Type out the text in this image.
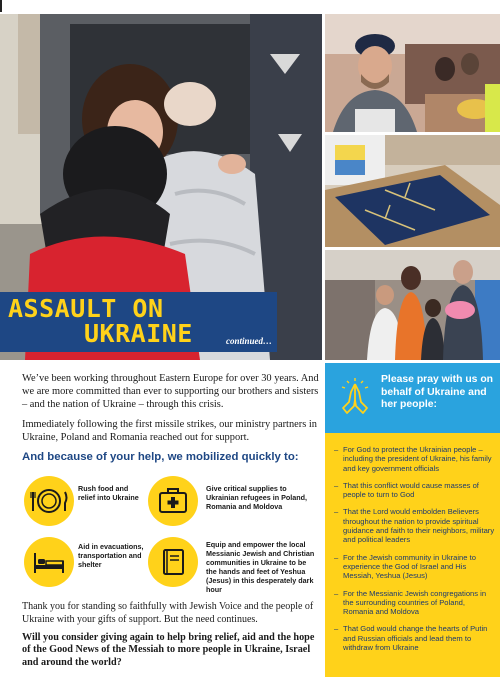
ASSAULT ON
UKRAINE	continued…

We’ve been working throughout Eastern Europe for over 30 years. And we are more committed than ever to supporting our brothers and sisters – and the nation of Ukraine – through this crisis.

Immediately following the first missile strikes, our ministry partners in Ukraine, Poland and Romania reached out for support.

And because of your help, we mobilized quickly to:
Rush food and relief into Ukraine
Give critical supplies to Ukrainian refugees in Poland, Romania and Moldova
Aid in evacuations, transportation and shelter
Equip and empower the local Messianic Jewish and Christian communities in Ukraine to be the hands and feet of Yeshua (Jesus) in this desperately dark hour

Thank you for standing so faithfully with Jewish Voice and the people of Ukraine with your gifts of support. But the need continues.

Will you consider giving again to help bring relief, aid and the hope of the Good News of the Messiah to more people in Ukraine, Israel and around the world?

Please pray with us on behalf of Ukraine and her people:
– For God to protect the Ukrainian people – including the president of Ukraine, his family and key government officials
– That this conflict would cause masses of people to turn to God
– That the Lord would embolden Believers throughout the nation to provide spiritual guidance and faith to their neighbors, military and political leaders
– For the Jewish community in Ukraine to experience the God of Israel and His Messiah, Yeshua (Jesus)
– For the Messianic Jewish congregations in the surrounding countries of Poland, Romania and Moldova
– That God would change the hearts of Putin and Russian officials and lead them to withdraw from Ukraine
